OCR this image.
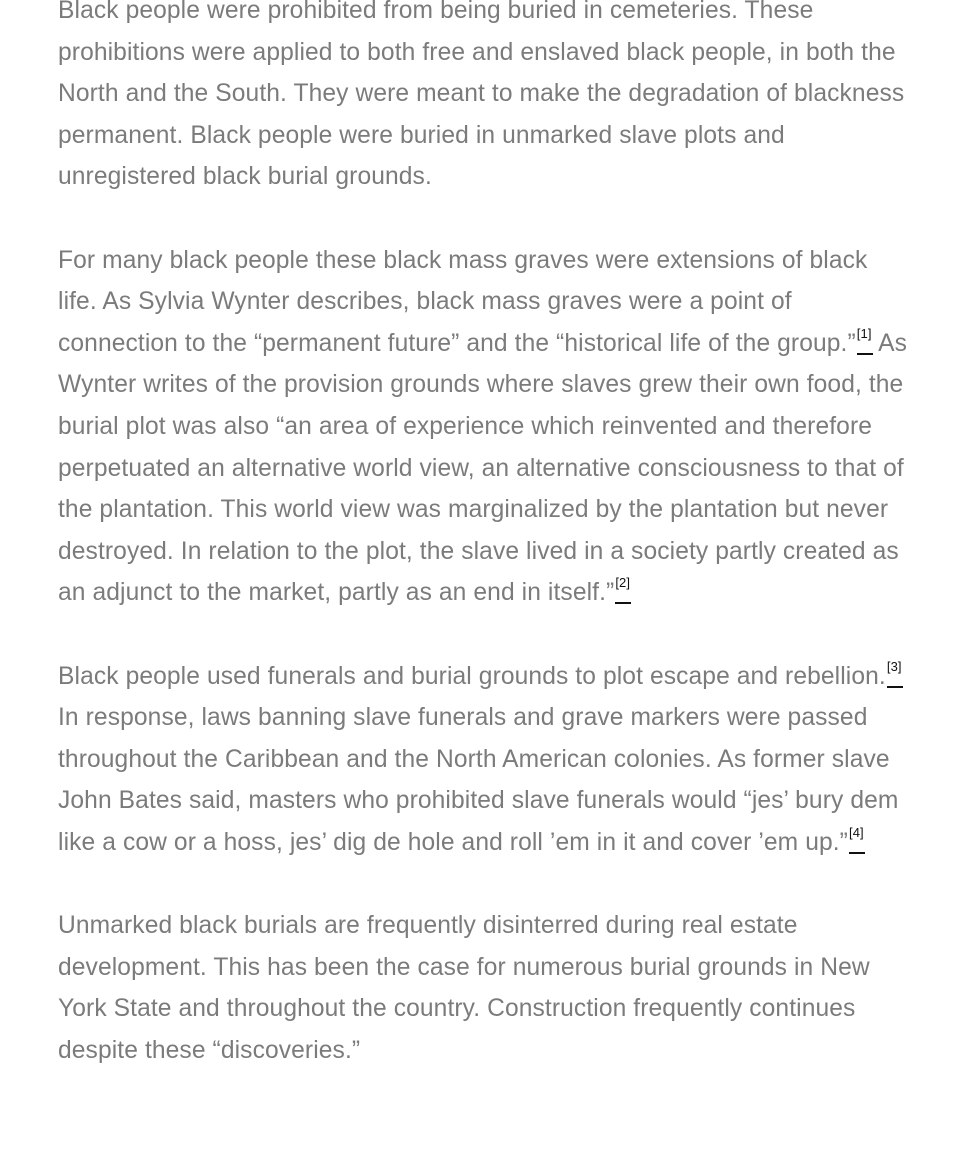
Black people were prohibited from being buried in cemeteries. These prohibitions were applied to both free and enslaved black people, in both the North and the South. They were meant to make the degradation of blackness permanent. Black people were buried in unmarked slave plots and unregistered black burial grounds.

For many black people these black mass graves were extensions of black life. As Sylvia Wynter describes, black mass graves were a point of connection to the “permanent future” and the “historical life of the group.”[1] As Wynter writes of the provision grounds where slaves grew their own food, the burial plot was also “an area of experience which reinvented and therefore perpetuated an alternative world view, an alternative consciousness to that of the plantation. This world view was marginalized by the plantation but never destroyed. In relation to the plot, the slave lived in a society partly created as an adjunct to the market, partly as an end in itself.”[2]

Black people used funerals and burial grounds to plot escape and rebellion.[3] In response, laws banning slave funerals and grave markers were passed throughout the Caribbean and the North American colonies. As former slave John Bates said, masters who prohibited slave funerals would “jes’ bury dem like a cow or a hoss, jes’ dig de hole and roll ’em in it and cover ’em up.”[4]

Unmarked black burials are frequently disinterred during real estate development. This has been the case for numerous burial grounds in New York State and throughout the country. Construction frequently continues despite these “discoveries.”
